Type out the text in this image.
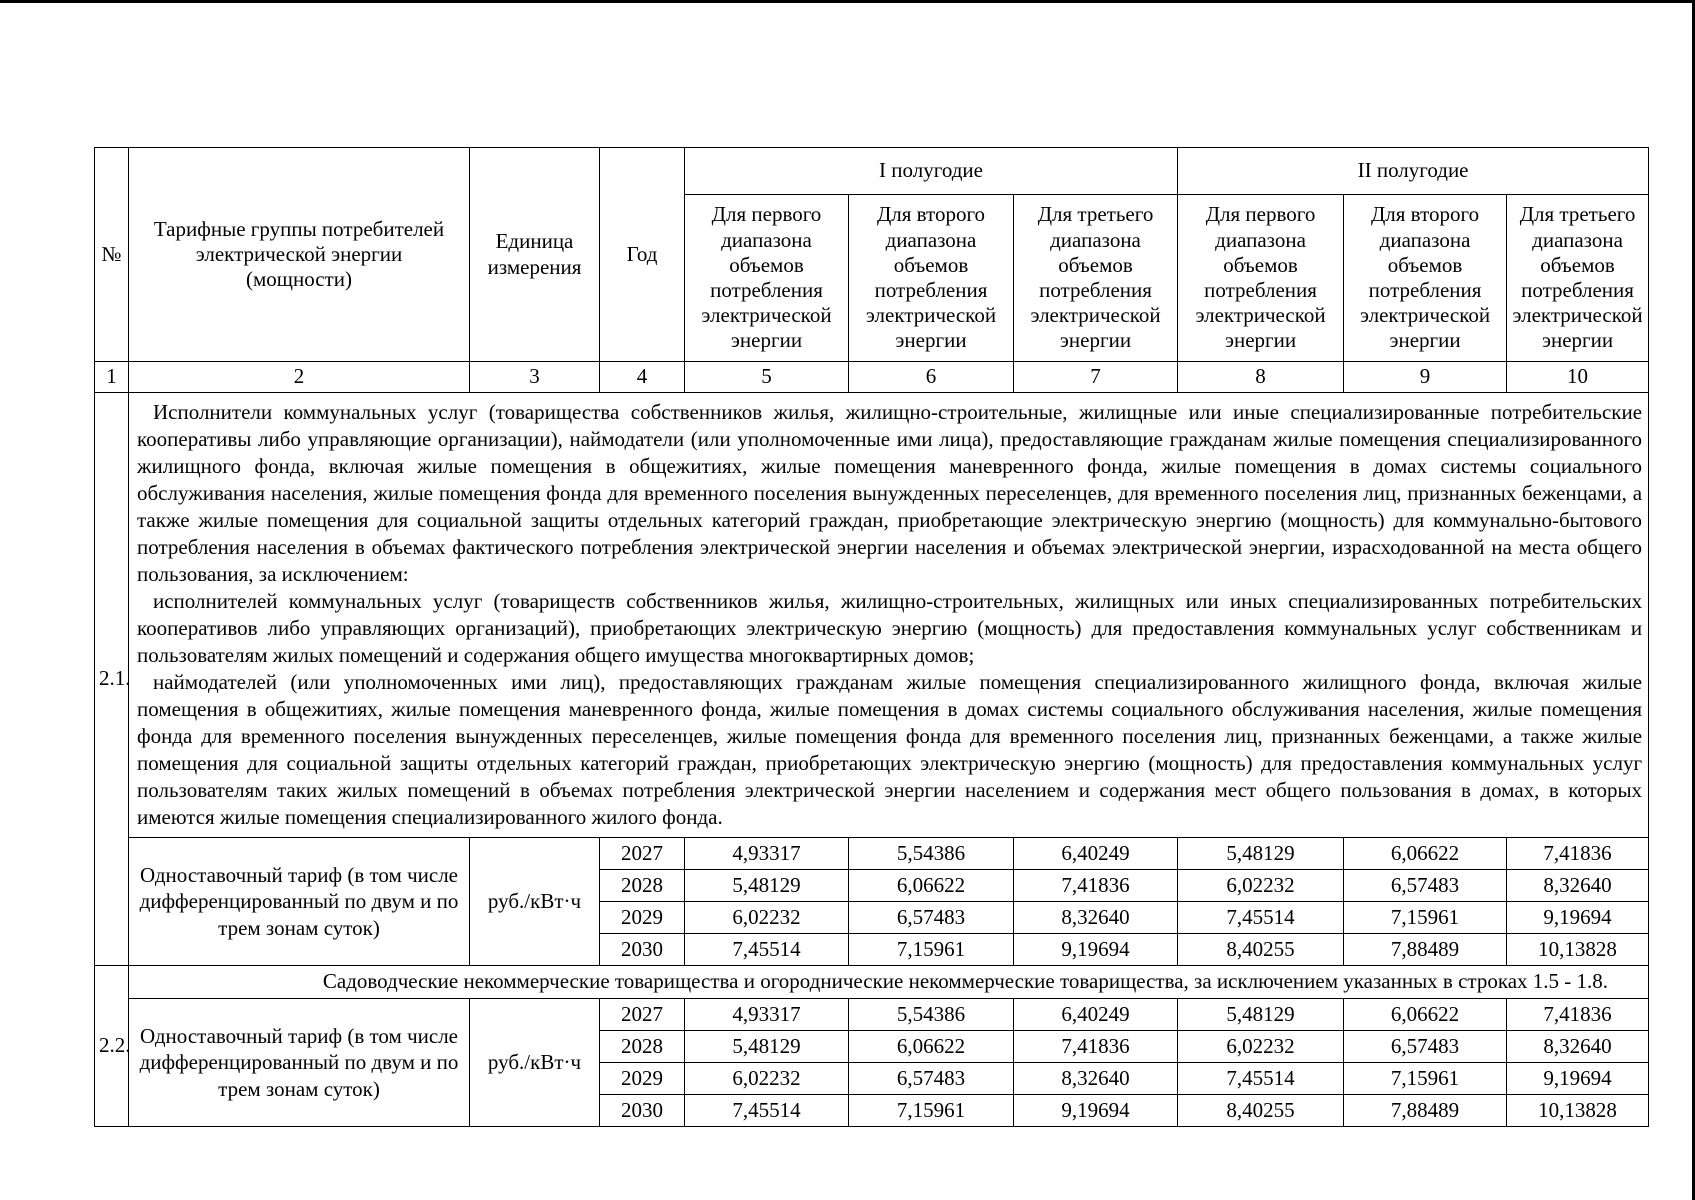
№	Тарифные группы потребителей электрической энергии (мощности)	Единица измерения	Год	I полугодие			II полугодие		
				Для первого диапазона объемов потребления электрической энергии	Для второго диапазона объемов потребления электрической энергии	Для третьего диапазона объемов потребления электрической энергии	Для первого диапазона объемов потребления электрической энергии	Для второго диапазона объемов потребления электрической энергии	Для третьего диапазона объемов потребления электрической энергии
1	2	3	4	5	6	7	8	9	10
2.1.	Исполнители коммунальных услуг (товарищества собственников жилья, жилищно-строительные, жилищные или иные специализированные потребительские кооперативы либо управляющие организации), наймодатели (или уполномоченные ими лица), предоставляющие гражданам жилые помещения специализированного жилищного фонда, включая жилые помещения в общежитиях, жилые помещения маневренного фонда, жилые помещения в домах системы социального обслуживания населения, жилые помещения фонда для временного поселения вынужденных переселенцев, для временного поселения лиц, признанных беженцами, а также жилые помещения для социальной защиты отдельных категорий граждан, приобретающие электрическую энергию (мощность) для коммунально-бытового потребления населения в объемах фактического потребления электрической энергии населения и объемах электрической энергии, израсходованной на места общего пользования, за исключением:

исполнителей коммунальных услуг (товариществ собственников жилья, жилищно-строительных, жилищных или иных специализированных потребительских кооперативов либо управляющих организаций), приобретающих электрическую энергию (мощность) для предоставления коммунальных услуг собственникам и пользователям жилых помещений и содержания общего имущества многоквартирных домов;

наймодателей (или уполномоченных ими лиц), предоставляющих гражданам жилые помещения специализированного жилищного фонда, включая жилые помещения в общежитиях, жилые помещения маневренного фонда, жилые помещения в домах системы социального обслуживания населения, жилые помещения фонда для временного поселения вынужденных переселенцев, жилые помещения фонда для временного поселения лиц, признанных беженцами, а также жилые помещения для социальной защиты отдельных категорий граждан, приобретающих электрическую энергию (мощность) для предоставления коммунальных услуг пользователям таких жилых помещений в объемах потребления электрической энергии населением и содержания мест общего пользования в домах, в которых имеются жилые помещения специализированного жилого фонда.								

	Одноставочный тариф (в том числе дифференцированный по двум и по трем зонам суток)	руб./кВт·ч	2027	4,93317	5,54386	6,40249	5,48129	6,06622	7,41836
			2028	5,48129	6,06622	7,41836	6,02232	6,57483	8,32640
			2029	6,02232	6,57483	8,32640	7,45514	7,15961	9,19694
			2030	7,45514	7,15961	9,19694	8,40255	7,88489	10,13828
2.2.	Садоводческие некоммерческие товарищества и огороднические некоммерческие товарищества, за исключением указанных в строках 1.5 - 1.8.								
	Одноставочный тариф (в том числе дифференцированный по двум и по трем зонам суток)	руб./кВт·ч	2027	4,93317	5,54386	6,40249	5,48129	6,06622	7,41836
			2028	5,48129	6,06622	7,41836	6,02232	6,57483	8,32640
			2029	6,02232	6,57483	8,32640	7,45514	7,15961	9,19694
			2030	7,45514	7,15961	9,19694	8,40255	7,88489	10,13828
